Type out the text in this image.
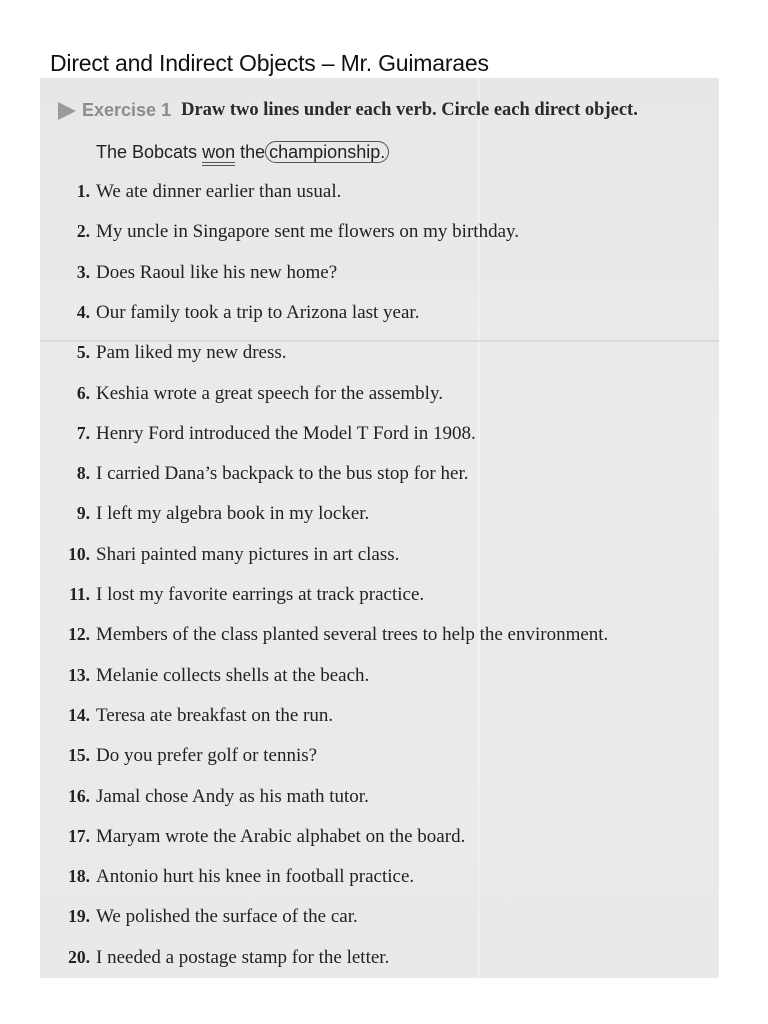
Direct and Indirect Objects – Mr. Guimaraes
Exercise 1 Draw two lines under each verb. Circle each direct object.
The Bobcats won the championship.
1. We ate dinner earlier than usual.
2. My uncle in Singapore sent me flowers on my birthday.
3. Does Raoul like his new home?
4. Our family took a trip to Arizona last year.
5. Pam liked my new dress.
6. Keshia wrote a great speech for the assembly.
7. Henry Ford introduced the Model T Ford in 1908.
8. I carried Dana’s backpack to the bus stop for her.
9. I left my algebra book in my locker.
10. Shari painted many pictures in art class.
11. I lost my favorite earrings at track practice.
12. Members of the class planted several trees to help the environment.
13. Melanie collects shells at the beach.
14. Teresa ate breakfast on the run.
15. Do you prefer golf or tennis?
16. Jamal chose Andy as his math tutor.
17. Maryam wrote the Arabic alphabet on the board.
18. Antonio hurt his knee in football practice.
19. We polished the surface of the car.
20. I needed a postage stamp for the letter.
